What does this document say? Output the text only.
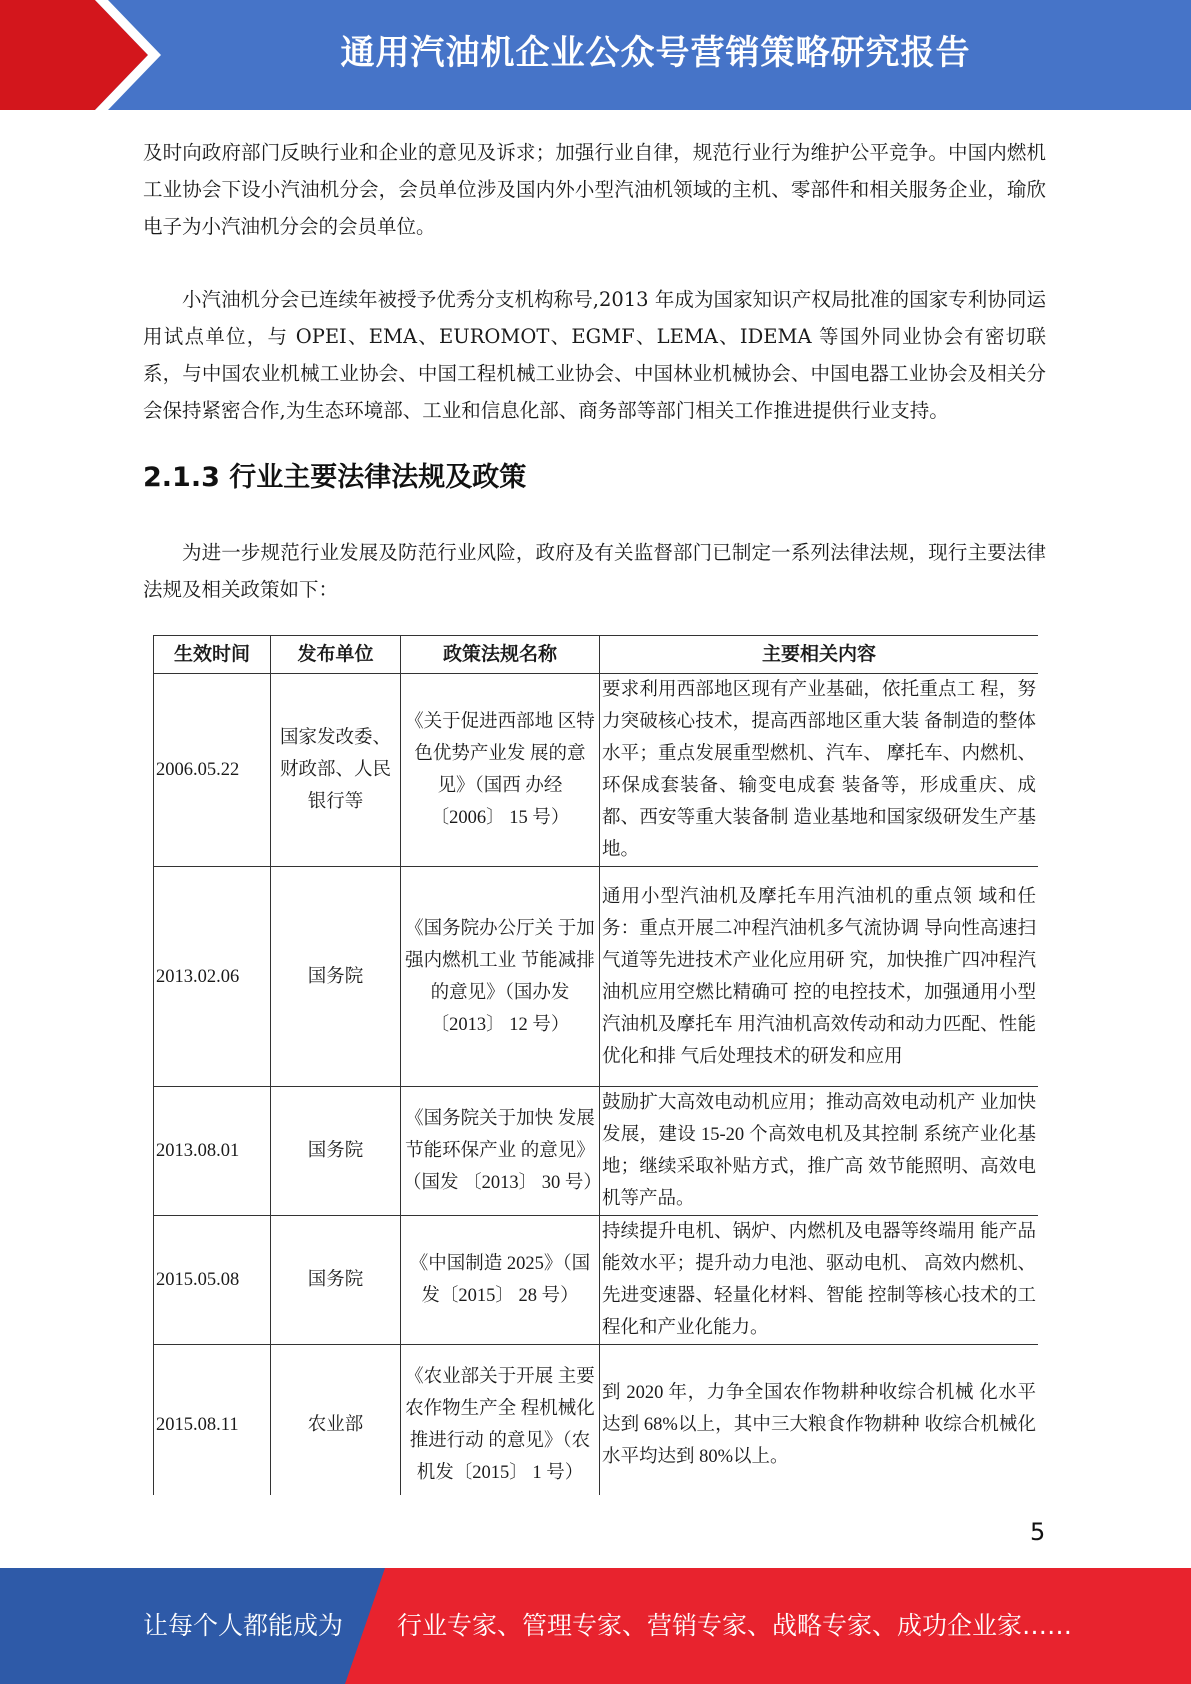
通用汽油机企业公众号营销策略研究报告

及时向政府部门反映行业和企业的意见及诉求；加强行业自律，规范行业行为维护公平竞争。中国内燃机工业协会下设小汽油机分会，会员单位涉及国内外小型汽油机领域的主机、零部件和相关服务企业，瑜欣电子为小汽油机分会的会员单位。

小汽油机分会已连续年被授予优秀分支机构称号,2013 年成为国家知识产权局批准的国家专利协同运用试点单位，与 OPEI、EMA、EUROMOT、EGMF、LEMA、IDEMA 等国外同业协会有密切联系，与中国农业机械工业协会、中国工程机械工业协会、中国林业机械协会、中国电器工业协会及相关分会保持紧密合作,为生态环境部、工业和信息化部、商务部等部门相关工作推进提供行业支持。

2.1.3 行业主要法律法规及政策

为进一步规范行业发展及防范行业风险，政府及有关监督部门已制定一系列法律法规，现行主要法律法规及相关政策如下：

生效时间	发布单位	政策法规名称	主要相关内容
2006.05.22	国家发改委、财政部、人民银行等	《关于促进西部地 区特色优势产业发 展的意见》（国西 办经〔2006〕 15 号）	要求利用西部地区现有产业基础，依托重点工 程，努力突破核心技术，提高西部地区重大装 备制造的整体水平；重点发展重型燃机、汽车、 摩托车、内燃机、环保成套装备、输变电成套 装备等，形成重庆、成都、西安等重大装备制 造业基地和国家级研发生产基地。
2013.02.06	国务院	《国务院办公厅关 于加强内燃机工业 节能减排的意见》（国办发〔2013〕 12 号）	通用小型汽油机及摩托车用汽油机的重点领 域和任务：重点开展二冲程汽油机多气流协调 导向性高速扫气道等先进技术产业化应用研 究，加快推广四冲程汽油机应用空燃比精确可 控的电控技术，加强通用小型汽油机及摩托车 用汽油机高效传动和动力匹配、性能优化和排 气后处理技术的研发和应用
2013.08.01	国务院	《国务院关于加快 发展节能环保产业 的意见》（国发 〔2013〕 30 号）	鼓励扩大高效电动机应用；推动高效电动机产 业加快发展，建设 15-20 个高效电机及其控制 系统产业化基地；继续采取补贴方式，推广高 效节能照明、高效电机等产品。
2015.05.08	国务院	《中国制造 2025》（国发〔2015〕 28 号）	持续提升电机、锅炉、内燃机及电器等终端用 能产品能效水平；提升动力电池、驱动电机、 高效内燃机、先进变速器、轻量化材料、智能 控制等核心技术的工程化和产业化能力。
2015.08.11	农业部	《农业部关于开展 主要农作物生产全 程机械化推进行动 的意见》（农机发〔2015〕 1 号）	到 2020 年，力争全国农作物耕种收综合机械 化水平达到 68%以上，其中三大粮食作物耕种 收综合机械化水平均达到 80%以上。
5
让每个人都能成为 行业专家、管理专家、营销专家、战略专家、成功企业家……
